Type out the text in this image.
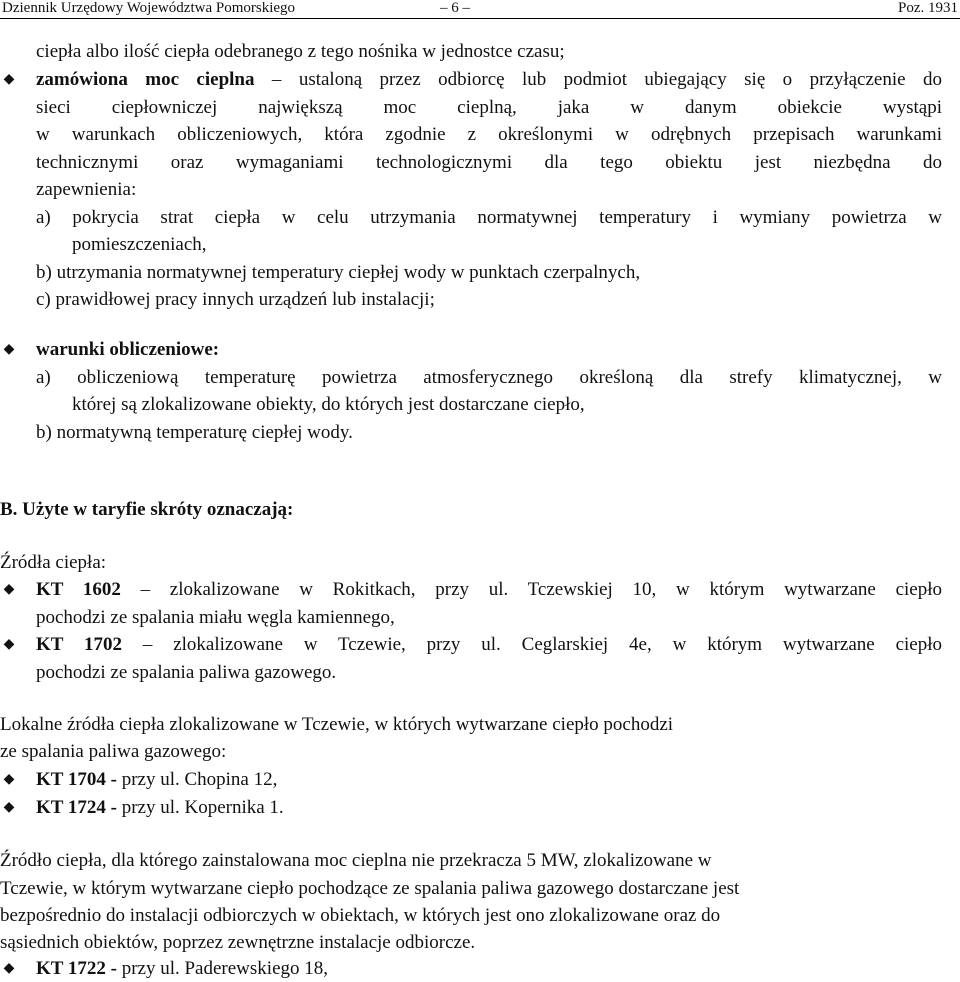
Dziennik Urzędowy Województwa Pomorskiego	– 6 –	Poz. 1931
ciepła albo ilość ciepła odebranego z tego nośnika w jednostce czasu;
◆ zamówiona moc cieplna – ustaloną przez odbiorcę lub podmiot ubiegający się o przyłączenie do
sieci ciepłowniczej największą moc cieplną, jaka w danym obiekcie wystąpi
w warunkach obliczeniowych, która zgodnie z określonymi w odrębnych przepisach warunkami
technicznymi oraz wymaganiami technologicznymi dla tego obiektu jest niezbędna do
zapewnienia:
a) pokrycia strat ciepła w celu utrzymania normatywnej temperatury i wymiany powietrza w
pomieszczeniach,
b) utrzymania normatywnej temperatury ciepłej wody w punktach czerpalnych,
c) prawidłowej pracy innych urządzeń lub instalacji;
◆ warunki obliczeniowe:
a) obliczeniową temperaturę powietrza atmosferycznego określoną dla strefy klimatycznej, w
której są zlokalizowane obiekty, do których jest dostarczane ciepło,
b) normatywną temperaturę ciepłej wody.
B. Użyte w taryfie skróty oznaczają:
Źródła ciepła:
◆ KT 1602 – zlokalizowane w Rokitkach, przy ul. Tczewskiej 10, w którym wytwarzane ciepło
pochodzi ze spalania miału węgla kamiennego,
◆ KT 1702 – zlokalizowane w Tczewie, przy ul. Ceglarskiej 4e, w którym wytwarzane ciepło
pochodzi ze spalania paliwa gazowego.
Lokalne źródła ciepła zlokalizowane w Tczewie, w których wytwarzane ciepło pochodzi
ze spalania paliwa gazowego:
◆ KT 1704 - przy ul. Chopina 12,
◆ KT 1724 - przy ul. Kopernika 1.
Źródło ciepła, dla którego zainstalowana moc cieplna nie przekracza 5 MW, zlokalizowane w
Tczewie, w którym wytwarzane ciepło pochodzące ze spalania paliwa gazowego dostarczane jest
bezpośrednio do instalacji odbiorczych w obiektach, w których jest ono zlokalizowane oraz do
sąsiednich obiektów, poprzez zewnętrzne instalacje odbiorcze.
◆ KT 1722 - przy ul. Paderewskiego 18,
